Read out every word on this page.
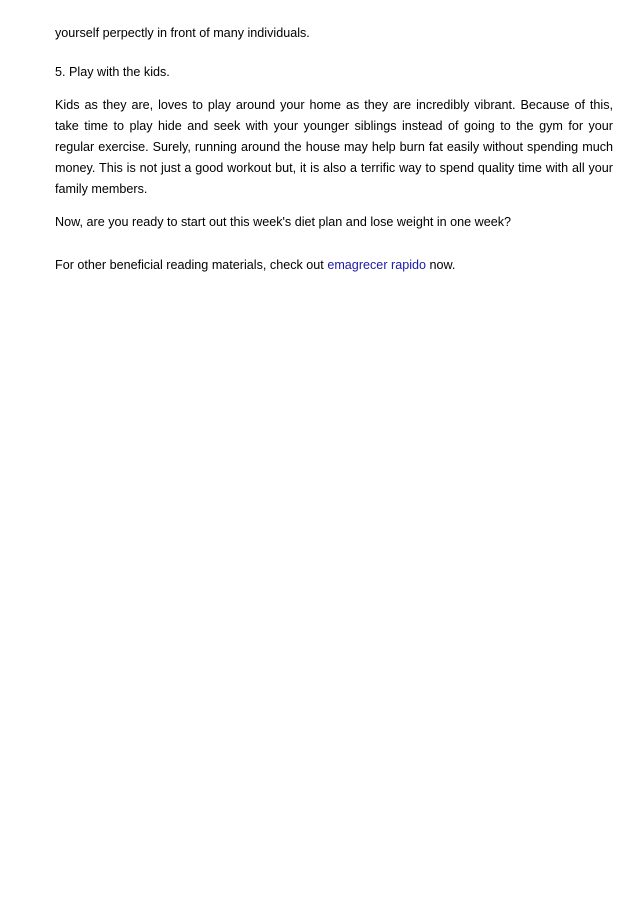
yourself perpectly in front of many individuals.

5. Play with the kids.

Kids as they are, loves to play around your home as they are incredibly vibrant. Because of this, take time to play hide and seek with your younger siblings instead of going to the gym for your regular exercise. Surely, running around the house may help burn fat easily without spending much money. This is not just a good workout but, it is also a terrific way to spend quality time with all your family members.

Now, are you ready to start out this week's diet plan and lose weight in one week?

For other beneficial reading materials, check out emagrecer rapido now.
